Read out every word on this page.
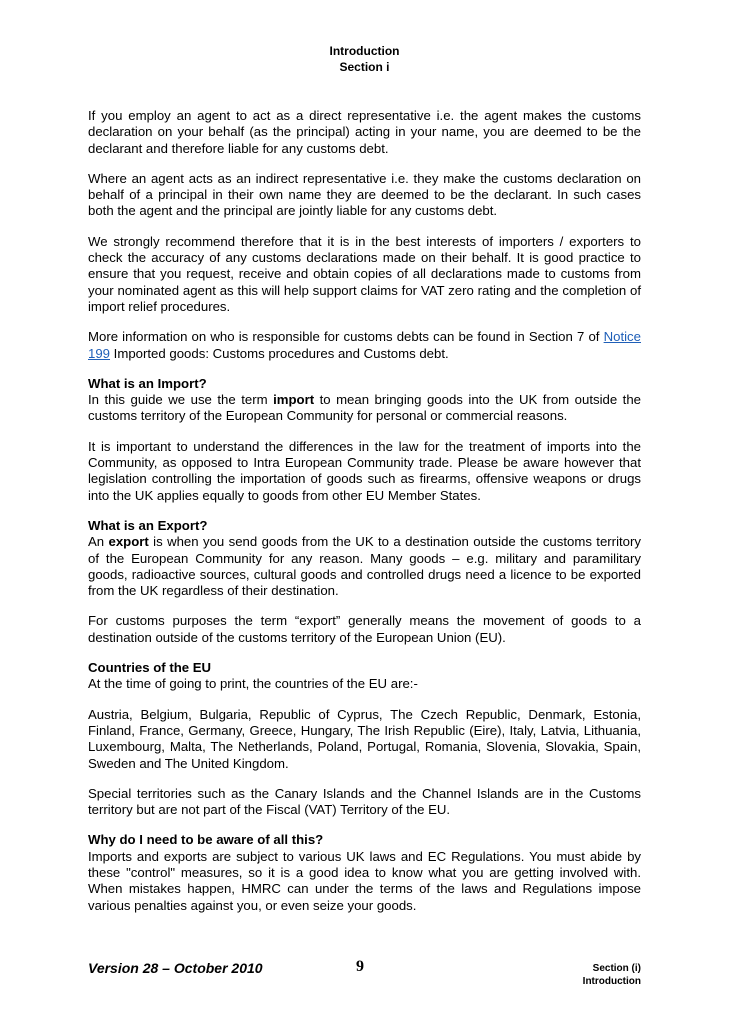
Introduction
Section i

If you employ an agent to act as a direct representative i.e. the agent makes the customs declaration on your behalf (as the principal) acting in your name, you are deemed to be the declarant and therefore liable for any customs debt.

Where an agent acts as an indirect representative i.e. they make the customs declaration on behalf of a principal in their own name they are deemed to be the declarant. In such cases both the agent and the principal are jointly liable for any customs debt.

We strongly recommend therefore that it is in the best interests of importers / exporters to check the accuracy of any customs declarations made on their behalf. It is good practice to ensure that you request, receive and obtain copies of all declarations made to customs from your nominated agent as this will help support claims for VAT zero rating and the completion of import relief procedures.

More information on who is responsible for customs debts can be found in Section 7 of Notice 199 Imported goods: Customs procedures and Customs debt.

What is an Import?
In this guide we use the term import to mean bringing goods into the UK from outside the customs territory of the European Community for personal or commercial reasons.

It is important to understand the differences in the law for the treatment of imports into the Community, as opposed to Intra European Community trade. Please be aware however that legislation controlling the importation of goods such as firearms, offensive weapons or drugs into the UK applies equally to goods from other EU Member States.

What is an Export?
An export is when you send goods from the UK to a destination outside the customs territory of the European Community for any reason. Many goods – e.g. military and paramilitary goods, radioactive sources, cultural goods and controlled drugs need a licence to be exported from the UK regardless of their destination.

For customs purposes the term “export” generally means the movement of goods to a destination outside of the customs territory of the European Union (EU).

Countries of the EU
At the time of going to print, the countries of the EU are:-

Austria, Belgium, Bulgaria, Republic of Cyprus, The Czech Republic, Denmark, Estonia, Finland, France, Germany, Greece, Hungary, The Irish Republic (Eire), Italy, Latvia, Lithuania, Luxembourg, Malta, The Netherlands, Poland, Portugal, Romania, Slovenia, Slovakia, Spain, Sweden and The United Kingdom.

Special territories such as the Canary Islands and the Channel Islands are in the Customs territory but are not part of the Fiscal (VAT) Territory of the EU.

Why do I need to be aware of all this?
Imports and exports are subject to various UK laws and EC Regulations. You must abide by these "control" measures, so it is a good idea to know what you are getting involved with. When mistakes happen, HMRC can under the terms of the laws and Regulations impose various penalties against you, or even seize your goods.

Version 28 – October 2010	9	Section (i)
Introduction
